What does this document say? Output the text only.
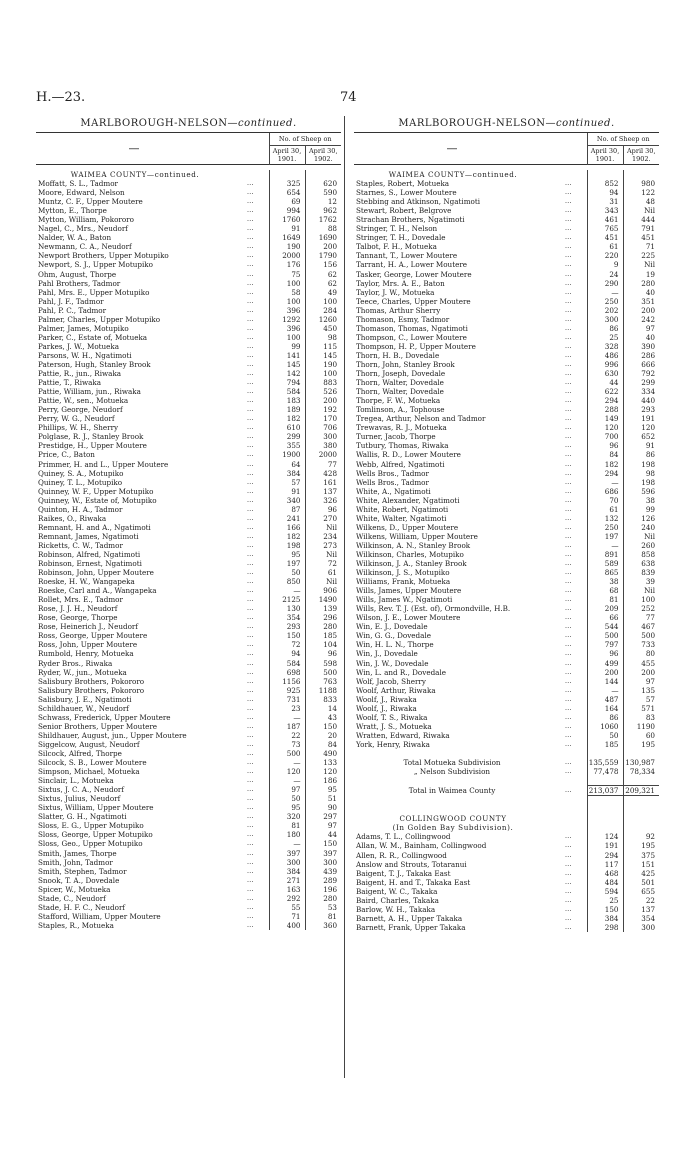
H.—23.	74
MARLBOROUGH-NELSON—continued.
—		No. of Sheep on	
		April 30,
1901.	April 30,
1902.

WAIMEA COUNTY—continued.			
Moffatt, S. L., Tadmor	...	325	620
Moore, Edward, Nelson	...	654	590
Muntz, C. F., Upper Moutere	...	69	12
Mytton, E., Thorpe	...	994	962
Mytton, William, Pokororo	...	1760	1762
Nagel, C., Mrs., Neudorf	...	91	88
Nalder, W. A., Baton	...	1649	1690
Newmann, C. A., Neudorf	...	190	200
Newport Brothers, Upper Motupiko	...	2000	1790
Newport, S. J., Upper Motupiko	...	176	156
Ohm, August, Thorpe	...	75	62
Pahl Brothers, Tadmor	...	100	62
Pahl, Mrs. E., Upper Motupiko	...	58	49
Pahl, J. F., Tadmor	...	100	100
Pahl, P. C., Tadmor	...	396	284
Palmer, Charles, Upper Motupiko	...	1292	1260
Palmer, James, Motupiko	...	396	450
Parker, C., Estate of, Motueka	...	100	98
Parkes, J. W., Motueka	...	99	115
Parsons, W. H., Ngatimoti	...	141	145
Paterson, Hugh, Stanley Brook	...	145	190
Pattie, R., jun., Riwaka	...	142	100
Pattie, T., Riwaka	...	794	883
Pattie, William, jun., Riwaka	...	584	526
Pattie, W., sen., Motueka	...	183	200
Perry, George, Neudorf	...	189	192
Perry, W. G., Neudorf	...	182	170
Phillips, W. H., Sherry	...	610	706
Polglase, R. J., Stanley Brook	...	299	300
Prestidge, H., Upper Moutere	...	355	380
Price, C., Baton	...	1900	2000
Primmer, H. and L., Upper Moutere	...	64	77
Quiney, S. A., Motupiko	...	384	428
Quiney, T. L., Motupiko	...	57	161
Quinney, W. F., Upper Motupiko	...	91	137
Quinney, W., Estate of, Motupiko	...	340	326
Quinton, H. A., Tadmor	...	87	96
Raikes, O., Riwaka	...	241	270
Remnant, H. and A., Ngatimoti	...	166	Nil
Remnant, James, Ngatimoti	...	182	234
Ricketts, C. W., Tadmor	...	198	273
Robinson, Alfred, Ngatimoti	...	95	Nil
Robinson, Ernest, Ngatimoti	...	197	72
Robinson, John, Upper Moutere	...	50	61
Roeske, H. W., Wangapeka	...	850	Nil
Roeske, Carl and A., Wangapeka	...	—	906
Rollet, Mrs. E., Tadmor	...	2125	1490
Rose, J. J. H., Neudorf	...	130	139
Rose, George, Thorpe	...	354	296
Rose, Heinerich J., Neudorf	...	293	280
Ross, George, Upper Moutere	...	150	185
Ross, John, Upper Moutere	...	72	104
Rumbold, Henry, Motueka	...	94	96
Ryder Bros., Riwaka	...	584	598
Ryder, W., jun., Motueka	...	698	500
Salisbury Brothers, Pokororo	...	1156	763
Salisbury Brothers, Pokororo	...	925	1188
Salisbury, J. E., Ngatimoti	...	731	833
Schildhauer, W., Neudorf	...	23	14
Schwass, Frederick, Upper Moutere	...	—	43
Senior Brothers, Upper Moutere	...	187	150
Shildhauer, August, jun., Upper Moutere	...	22	20
Siggelcow, August, Neudorf	...	73	84
Silcock, Alfred, Thorpe	...	500	490
Silcock, S. B., Lower Moutere	...	—	133
Simpson, Michael, Motueka	...	120	120
Sinclair, L., Motueka	...	—	186
Sixtus, J. C. A., Neudorf	...	97	95
Sixtus, Julius, Neudorf	...	50	51
Sixtus, William, Upper Moutere	...	95	90
Slatter, G. H., Ngatimoti	...	320	297
Sloss, E. G., Upper Motupiko	...	81	97
Sloss, George, Upper Motupiko	...	180	44
Sloss, Geo., Upper Motupiko	...	—	150
Smith, James, Thorpe	...	397	397
Smith, John, Tadmor	...	300	300
Smith, Stephen, Tadmor	...	384	439
Snook, T. A., Dovedale	...	271	289
Spicer, W., Motueka	...	163	196
Stade, C., Neudorf	...	292	280
Stade, H. F. C., Neudorf	...	55	53
Stafford, William, Upper Moutere	...	71	81
Staples, R., Motueka	...	400	360
MARLBOROUGH-NELSON—continued.
—		No. of Sheep on	
		April 30,
1901.	April 30,
1902.

WAIMEA COUNTY—continued.			
Staples, Robert, Motueka	...	852	980
Starnes, S., Lower Moutere	...	94	122
Stebbing and Atkinson, Ngatimoti	...	31	48
Stewart, Robert, Belgrove	...	343	Nil
Strachan Brothers, Ngatimoti	...	461	444
Stringer, T. H., Nelson	...	765	791
Stringer, T. H., Dovedale	...	451	451
Talbot, F. H., Motueka	...	61	71
Tannant, T., Lower Moutere	...	220	225
Tarrant, H. A., Lower Moutere	...	9	Nil
Tasker, George, Lower Moutere	...	24	19
Taylor, Mrs. A. E., Baton	...	290	280
Taylor, J. W., Motueka	...	—	40
Teece, Charles, Upper Moutere	...	250	351
Thomas, Arthur Sherry	...	202	200
Thomason, Esmy, Tadmor	...	300	242
Thomason, Thomas, Ngatimoti	...	86	97
Thompson, C., Lower Moutere	...	25	40
Thompson, H. P., Upper Moutere	...	328	390
Thorn, H. B., Dovedale	...	486	286
Thorn, John, Stanley Brook	...	996	666
Thorn, Joseph, Dovedale	...	630	792
Thorn, Walter, Dovedale	...	44	299
Thorn, Walter, Dovedale	...	622	334
Thorpe, F. W., Motueka	...	294	440
Tomlinson, A., Tophouse	...	288	293
Tregea, Arthur, Nelson and Tadmor	...	149	191
Trewavas, R. J., Motueka	...	120	120
Turner, Jacob, Thorpe	...	700	652
Tutbury, Thomas, Riwaka	...	96	91
Wallis, R. D., Lower Moutere	...	84	86
Webb, Alfred, Ngatimoti	...	182	198
Wells Bros., Tadmor	...	294	98
Wells Bros., Tadmor	...	—	198
White, A., Ngatimoti	...	686	596
White, Alexander, Ngatimoti	...	70	38
White, Robert, Ngatimoti	...	61	99
White, Walter, Ngatimoti	...	132	126
Wilkens, D., Upper Moutere	...	250	240
Wilkens, William, Upper Moutere	...	197	Nil
Wilkinson, A. N., Stanley Brook	...	—	260
Wilkinson, Charles, Motupiko	...	891	858
Wilkinson, J. A., Stanley Brook	...	589	638
Wilkinson, J. S., Motupiko	...	865	839
Williams, Frank, Motueka	...	38	39
Wills, James, Upper Moutere	...	68	Nil
Wills, James W., Ngatimoti	...	81	100
Wills, Rev. T. J. (Est. of), Ormondville, H.B.	...	209	252
Wilson, J. E., Lower Moutere	...	66	77
Win, E. J., Dovedale	...	544	467
Win, G. G., Dovedale	...	500	500
Win, H. L. N., Thorpe	...	797	733
Win, J., Dovedale	...	96	80
Win, J. W., Dovedale	...	499	455
Win, L. and R., Dovedale	...	200	200
Wolf, Jacob, Sherry	...	144	97
Woolf, Arthur, Riwaka	...	—	135
Woolf, J., Riwaka	...	487	57
Woolf, J., Riwaka	...	164	571
Woolf, T. S., Riwaka	...	86	83
Wratt, J. S., Motueka	...	1060	1190
Wratten, Edward, Riwaka	...	50	60
York, Henry, Riwaka	...	185	195

Total Motueka Subdivision	...	135,559	130,987
„ Nelson Subdivision	...	77,478	78,334

Total in Waimea County	...	213,037	209,321

COLLINGWOOD COUNTY			
(In Golden Bay Subdivision).			
Adams, T. L., Collingwood	...	124	92
Allan, W. M., Bainham, Collingwood	...	191	195
Allen, R. R., Collingwood	...	294	375
Anslow and Strouts, Totaranui	...	117	151
Baigent, T. J., Takaka East	...	468	425
Baigent, H. and T., Takaka East	...	484	501
Baigent, W. C., Takaka	...	594	655
Baird, Charles, Takaka	...	25	22
Barlow, W. H., Takaka	...	150	137
Barnett, A. H., Upper Takaka	...	384	354
Barnett, Frank, Upper Takaka	...	298	300
